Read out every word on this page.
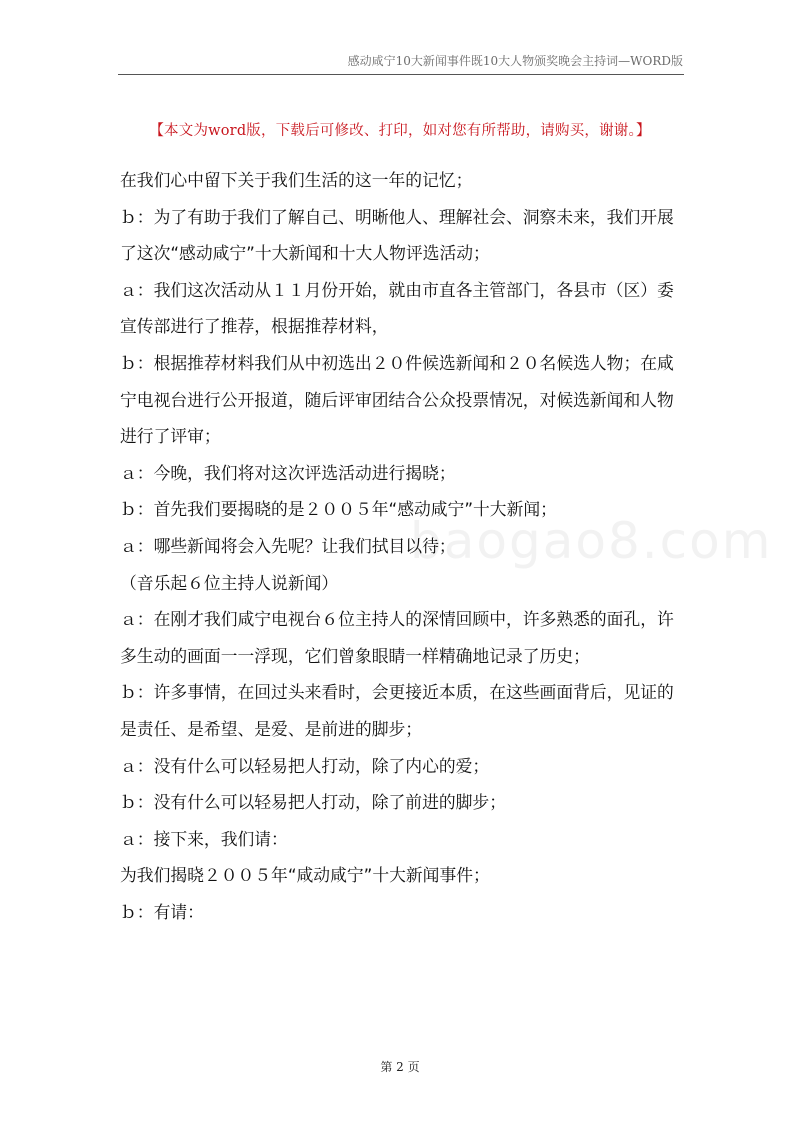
感动咸宁10大新闻事件既10大人物颁奖晚会主持词—WORD版
【本文为word版，下载后可修改、打印，如对您有所帮助，请购买，谢谢。】
baogao8.com

在我们心中留下关于我们生活的这一年的记忆；

ｂ：为了有助于我们了解自己、明晰他人、理解社会、洞察未来，我们开展了这次“感动咸宁”十大新闻和十大人物评选活动；

ａ：我们这次活动从１１月份开始，就由市直各主管部门，各县市（区）委宣传部进行了推荐，根据推荐材料，

ｂ：根据推荐材料我们从中初选出２０件候选新闻和２０名候选人物；在咸宁电视台进行公开报道，随后评审团结合公众投票情况，对候选新闻和人物进行了评审；

ａ：今晚，我们将对这次评选活动进行揭晓；

ｂ：首先我们要揭晓的是２００５年“感动咸宁”十大新闻；

ａ：哪些新闻将会入先呢？让我们拭目以待；

（音乐起６位主持人说新闻）

ａ：在刚才我们咸宁电视台６位主持人的深情回顾中，许多熟悉的面孔，许多生动的画面一一浮现，它们曾象眼睛一样精确地记录了历史；

ｂ：许多事情，在回过头来看时，会更接近本质，在这些画面背后，见证的是责任、是希望、是爱、是前进的脚步；

ａ：没有什么可以轻易把人打动，除了内心的爱；

ｂ：没有什么可以轻易把人打动，除了前进的脚步；

ａ：接下来，我们请：

为我们揭晓２００５年“咸动咸宁”十大新闻事件；

ｂ：有请：

第 2 页
